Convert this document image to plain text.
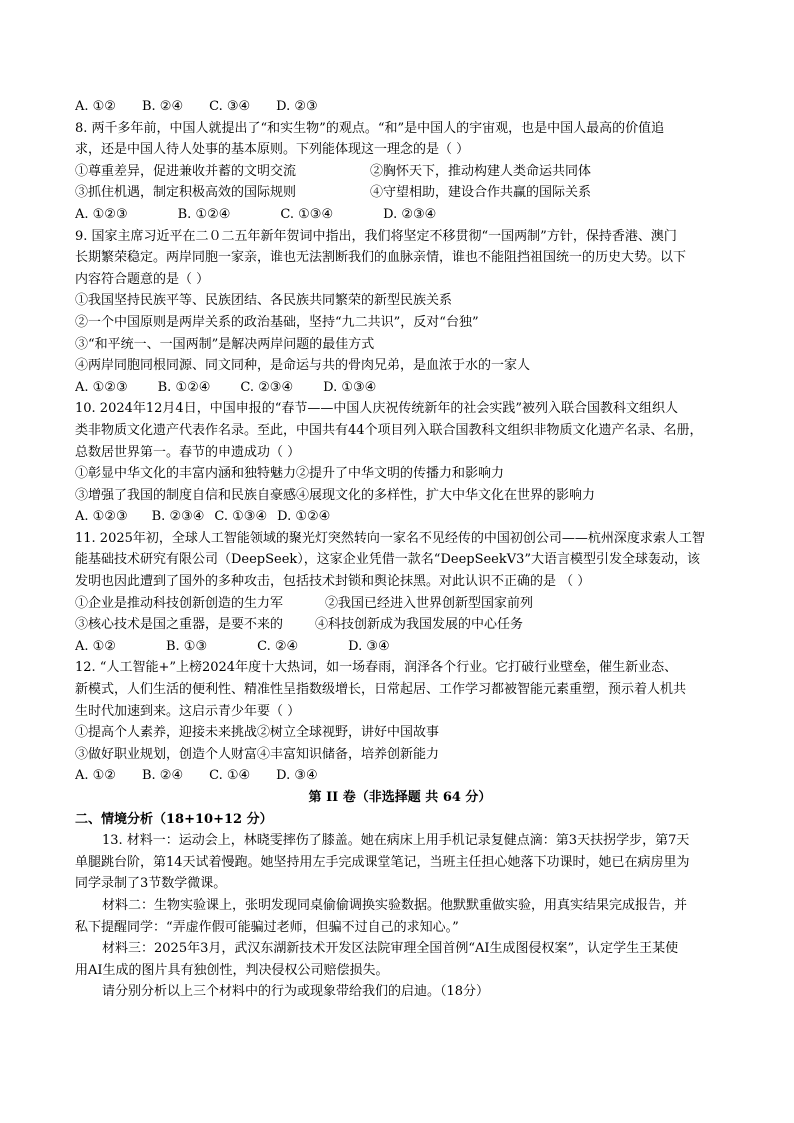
A. ①② B. ②④ C. ③④ D. ②③
8. 两千多年前，中国人就提出了“和实生物”的观点。“和”是中国人的宇宙观，也是中国人最高的价值追
求，还是中国人待人处事的基本原则。下列能体现这一理念的是（ ）
①尊重差异，促进兼收并蓄的文明交流	②胸怀天下，推动构建人类命运共同体
③抓住机遇，制定积极高效的国际规则	④守望相助，建设合作共赢的国际关系
A. ①②③	B. ①②④	C. ①③④	D. ②③④
9. 国家主席习近平在二０二五年新年贺词中指出，我们将坚定不移贯彻“一国两制”方针，保持香港、澳门
长期繁荣稳定。两岸同胞一家亲，谁也无法割断我们的血脉亲情，谁也不能阻挡祖国统一的历史大势。以下
内容符合题意的是（ ）
①我国坚持民族平等、民族团结、各民族共同繁荣的新型民族关系
②一个中国原则是两岸关系的政治基础，坚持“九二共识”，反对“台独”
③“和平统一、一国两制”是解决两岸问题的最佳方式
④两岸同胞同根同源、同文同种，是命运与共的骨肉兄弟，是血浓于水的一家人
A. ①②③ B. ①②④ C. ②③④ D. ①③④
10. 2024年12月4日，中国申报的“春节——中国人庆祝传统新年的社会实践”被列入联合国教科文组织人
类非物质文化遗产代表作名录。至此，中国共有44个项目列入联合国教科文组织非物质文化遗产名录、名册，
总数居世界第一。春节的申遗成功（ ）
①彰显中华文化的丰富内涵和独特魅力②提升了中华文明的传播力和影响力
③增强了我国的制度自信和民族自豪感④展现文化的多样性，扩大中华文化在世界的影响力
A. ①②③ B. ②③④ C. ①③④ D. ①②④
11. 2025年初，全球人工智能领域的聚光灯突然转向一家名不见经传的中国初创公司——杭州深度求索人工智
能基础技术研究有限公司（DeepSeek），这家企业凭借一款名“DeepSeekV3”大语言模型引发全球轰动，该
发明也因此遭到了国外的多种攻击，包括技术封锁和舆论抹黑。对此认识不正确的是 （ ）
①企业是推动科技创新创造的生力军	②我国已经进入世界创新型国家前列
③核心技术是国之重器，是要不来的 ④科技创新成为我国发展的中心任务
A. ①②	B. ①③	C. ②④	D. ③④
12. “人工智能+”上榜2024年度十大热词，如一场春雨，润泽各个行业。它打破行业壁垒，催生新业态、
新模式，人们生活的便利性、精准性呈指数级增长，日常起居、工作学习都被智能元素重塑，预示着人机共
生时代加速到来。这启示青少年要（ ）
①提高个人素养，迎接未来挑战②树立全球视野，讲好中国故事
③做好职业规划，创造个人财富④丰富知识储备，培养创新能力
A. ①② B. ②④ C. ①④ D. ③④
第 II 卷（非选择题 共 64 分）
二、情境分析（18+10+12 分）
13. 材料一：运动会上，林晓雯摔伤了膝盖。她在病床上用手机记录复健点滴：第3天扶拐学步，第7天
单腿跳台阶，第14天试着慢跑。她坚持用左手完成课堂笔记，当班主任担心她落下功课时，她已在病房里为
同学录制了3节数学微课。
材料二：生物实验课上，张明发现同桌偷偷调换实验数据。他默默重做实验，用真实结果完成报告，并
私下提醒同学：“弄虚作假可能骗过老师，但骗不过自己的求知心。”
材料三：2025年3月，武汉东湖新技术开发区法院审理全国首例“AI生成图侵权案”，认定学生王某使
用AI生成的图片具有独创性，判决侵权公司赔偿损失。
请分别分析以上三个材料中的行为或现象带给我们的启迪。（18分）
